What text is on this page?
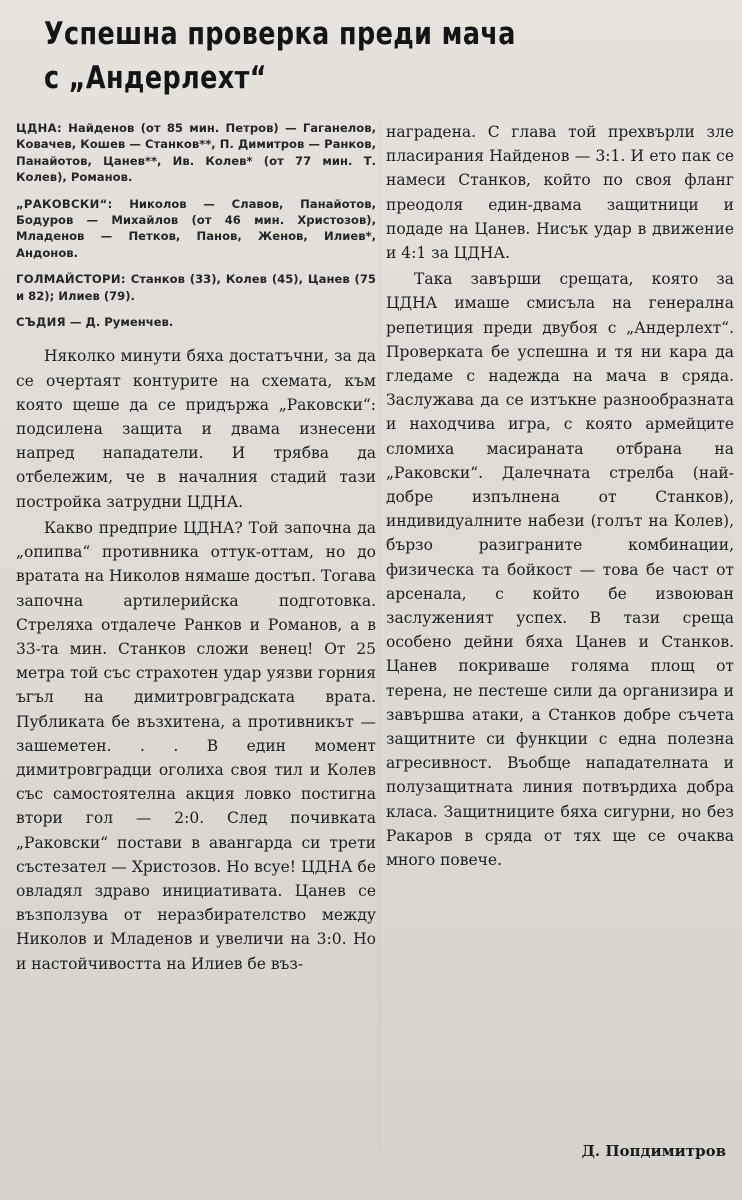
Успешна проверка преди мача
с „Андерлехт“

ЦДНА: Найденов (от 85 мин. Петров) — Гаганелов, Ковачев, Кошев — Станков**, П. Димитров — Ранков, Панайотов, Цанев**, Ив. Колев* (от 77 мин. Т. Колев), Романов.

„РАКОВСКИ“: Николов — Славов, Панайотов, Бодуров — Михайлов (от 46 мин. Христозов), Младенов — Петков, Панов, Женов, Илиев*, Андонов.

ГОЛМАЙСТОРИ: Станков (33), Колев (45), Цанев (75 и 82); Илиев (79).

СЪДИЯ — Д. Руменчев.

Няколко минути бяха достатъчни, за да се очертаят контурите на схемата, към която щеше да се придържа „Раковски“: подсилена защита и двама изнесени напред нападатели. И трябва да отбележим, че в началния стадий тази постройка затрудни ЦДНА.

Какво предприе ЦДНА? Той започна да „опипва“ противника оттук-оттам, но до вратата на Николов нямаше достъп. Тогава започна артилерийска подготовка. Стреляха отдалече Ранков и Романов, а в 33-та мин. Станков сложи венец! От 25 метра той със страхотен удар уязви горния ъгъл на димитровградската врата. Публиката бе възхитена, а противникът — зашеметен. . . В един момент димитровградци оголиха своя тил и Колев със самостоятелна акция ловко постигна втори гол — 2:0. След почивката „Раковски“ постави в авангарда си трети състезател — Христозов. Но всуе! ЦДНА бе овладял здраво инициативата. Цанев се възползува от неразбирателство между Николов и Младенов и увеличи на 3:0. Но и настойчивостта на Илиев бе въз-

наградена. С глава той прехвърли зле пласирания Найденов — 3:1. И ето пак се намеси Станков, който по своя фланг преодоля един-двама защитници и подаде на Цанев. Нисък удар в движение и 4:1 за ЦДНА.

Така завърши срещата, която за ЦДНА имаше смисъла на генерална репетиция преди двубоя с „Андерлехт“. Проверката бе успешна и тя ни кара да гледаме с надежда на мача в сряда. Заслужава да се изтъкне разнообразната и находчива игра, с която армейците сломиха масираната отбрана на „Раковски“. Далечната стрелба (най-добре изпълнена от Станков), индивидуалните набези (голът на Колев), бързо разиграните комбинации, физическа та бойкост — това бе част от арсенала, с който бе извоюван заслуженият успех. В тази среща особено дейни бяха Цанев и Станков. Цанев покриваше голяма площ от терена, не пестеше сили да организира и завършва атаки, а Станков добре съчета защитните си функции с една полезна агресивност. Въобще нападателната и полузащитната линия потвърдиха добра класа. Защитниците бяха сигурни, но без Ракаров в сряда от тях ще се очаква много повече.

Д. Попдимитров
